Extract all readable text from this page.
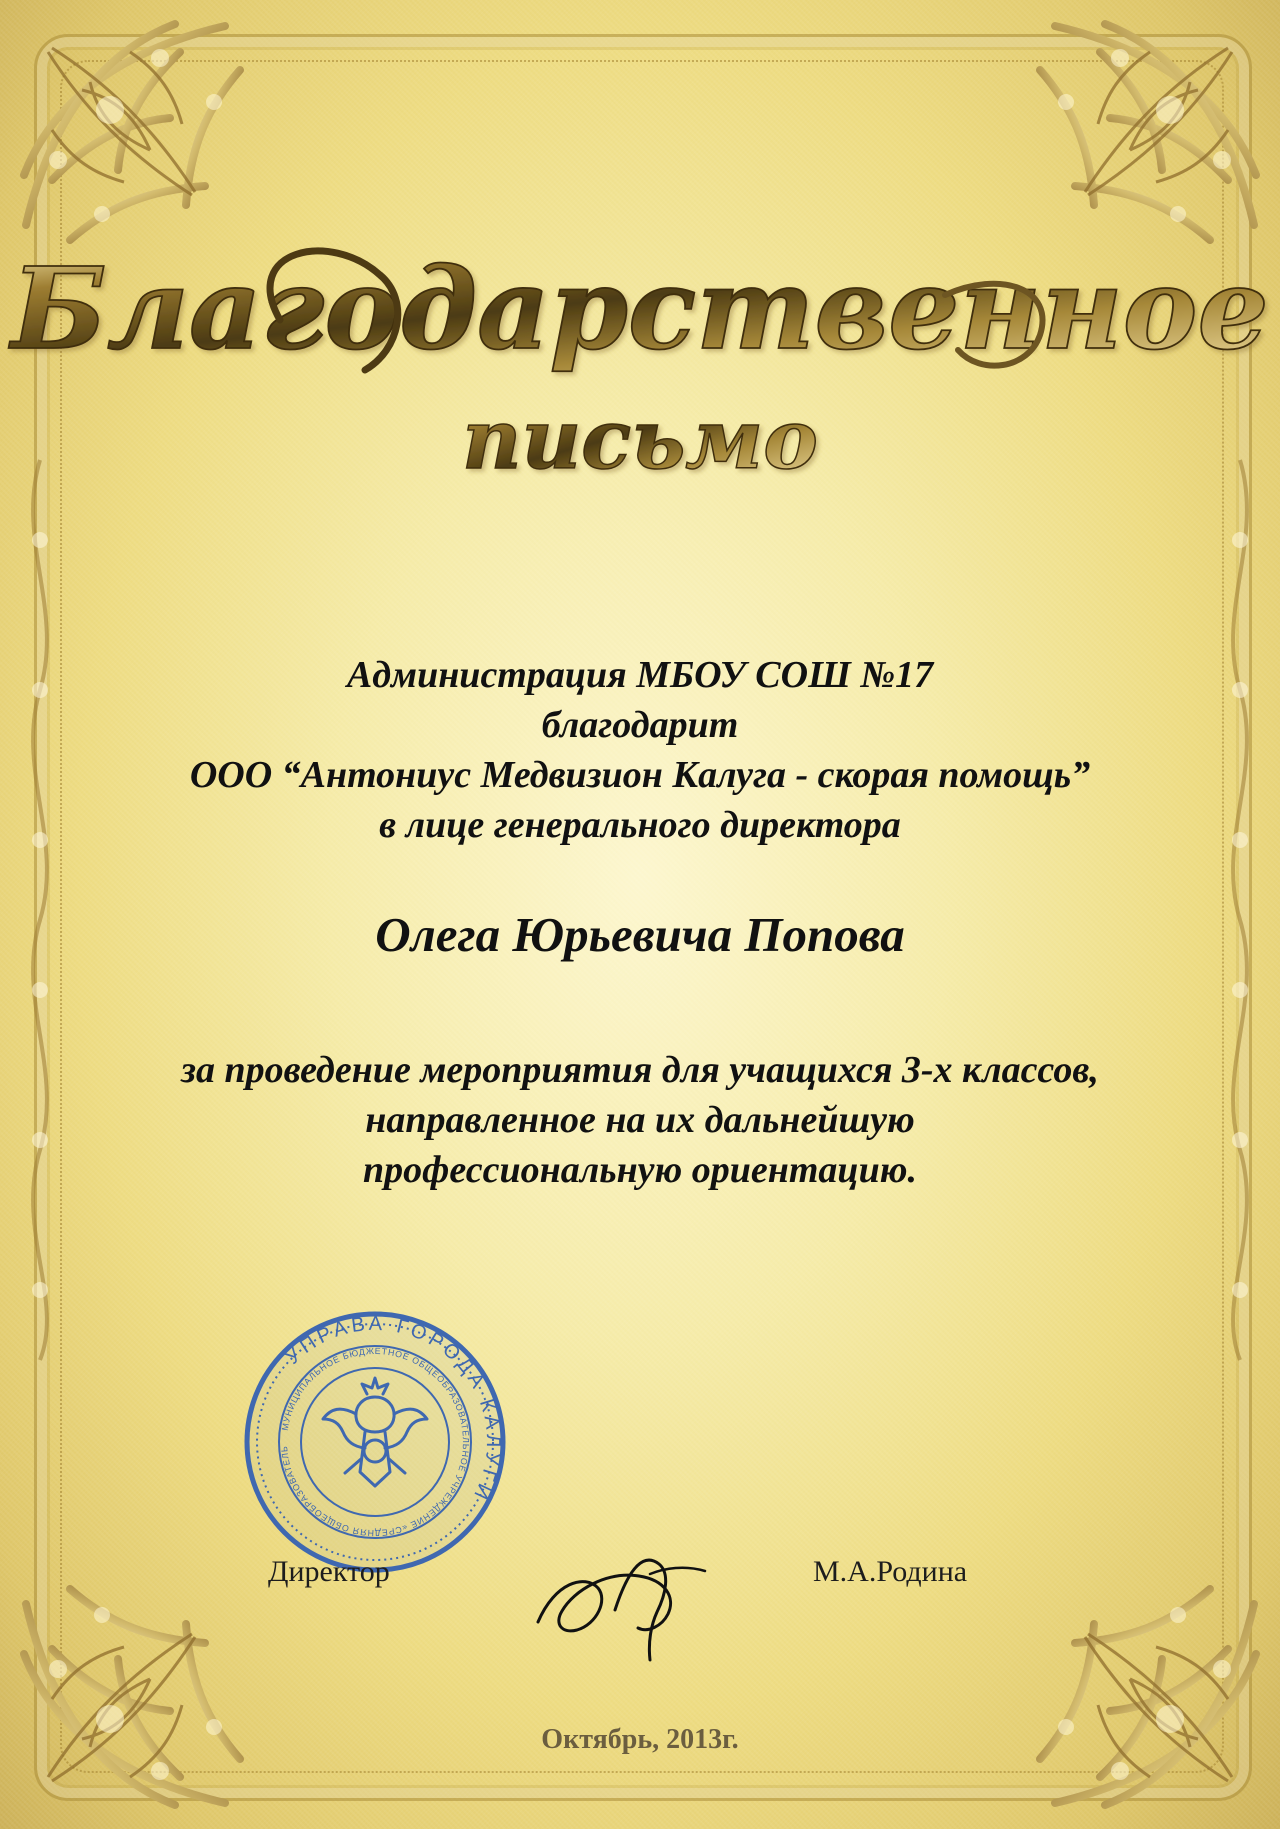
Благодарственное
письмо
Администрация МБОУ СОШ №17
благодарит
ООО “Антониус Медвизион Калуга - скорая помощь”
в лице генерального директора
Олега Юрьевича Попова
за проведение мероприятия для учащихся 3-х классов,
направленное на их дальнейшую
профессиональную ориентацию.
УПРАВА ГОРОДА КАЛУГИ
МУНИЦИПАЛЬНОЕ БЮДЖЕТНОЕ ОБЩЕОБРАЗОВАТЕЛЬНОЕ УЧРЕЖДЕНИЕ «СРЕДНЯЯ ОБЩЕОБРАЗОВАТЕЛЬ
Директор	М.А.Родина
Октябрь, 2013г.
